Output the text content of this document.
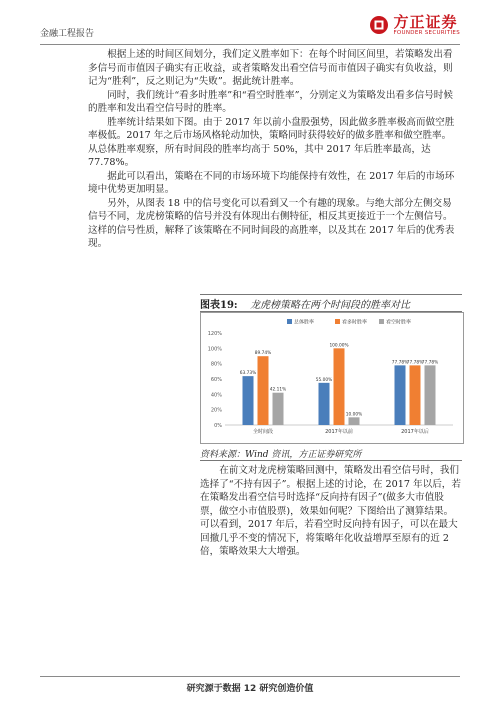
金融工程报告
方正证券
FOUNDER SECURITIES

根据上述的时间区间划分，我们定义胜率如下：在每个时间区间里，若策略发出看多信号而市值因子确实有正收益，或者策略发出看空信号而市值因子确实有负收益，则记为“胜利”，反之则记为“失败”。据此统计胜率。

同时，我们统计“看多时胜率”和“看空时胜率”，分别定义为策略发出看多信号时候的胜率和发出看空信号时的胜率。

胜率统计结果如下图。由于 2017 年以前小盘股强势，因此做多胜率极高而做空胜率极低。2017 年之后市场风格轮动加快，策略同时获得较好的做多胜率和做空胜率。从总体胜率观察，所有时间段的胜率均高于 50%，其中 2017 年后胜率最高，达 77.78%。

据此可以看出，策略在不同的市场环境下均能保持有效性，在 2017 年后的市场环境中优势更加明显。

另外，从图表 18 中的信号变化可以看到又一个有趣的现象。与绝大部分左侧交易信号不同，龙虎榜策略的信号并没有体现出右侧特征，相反其更接近于一个左侧信号。这样的信号性质，解释了该策略在不同时间段的高胜率，以及其在 2017 年后的优秀表现。

图表19: 龙虎榜策略在两个时间段的胜率对比
0%
20%
40%
60%
80%
100%
120%
总体胜率	看多时胜率	看空时胜率
63.73%
89.74%
42.11%
全时间段
55.00%
100.00%
10.00%
2017年以前
77.78%
77.78%
77.78%
2017年以后
资料来源：Wind 资讯，方正证券研究所

在前文对龙虎榜策略回测中，策略发出看空信号时，我们选择了“不持有因子”。根据上述的讨论，在 2017 年以后，若在策略发出看空信号时选择“反向持有因子”(做多大市值股票，做空小市值股票)，效果如何呢？下图给出了测算结果。可以看到，2017 年后，若看空时反向持有因子，可以在最大回撤几乎不变的情况下，将策略年化收益增厚至原有的近 2 倍，策略效果大大增强。

研究源于数据 12 研究创造价值
